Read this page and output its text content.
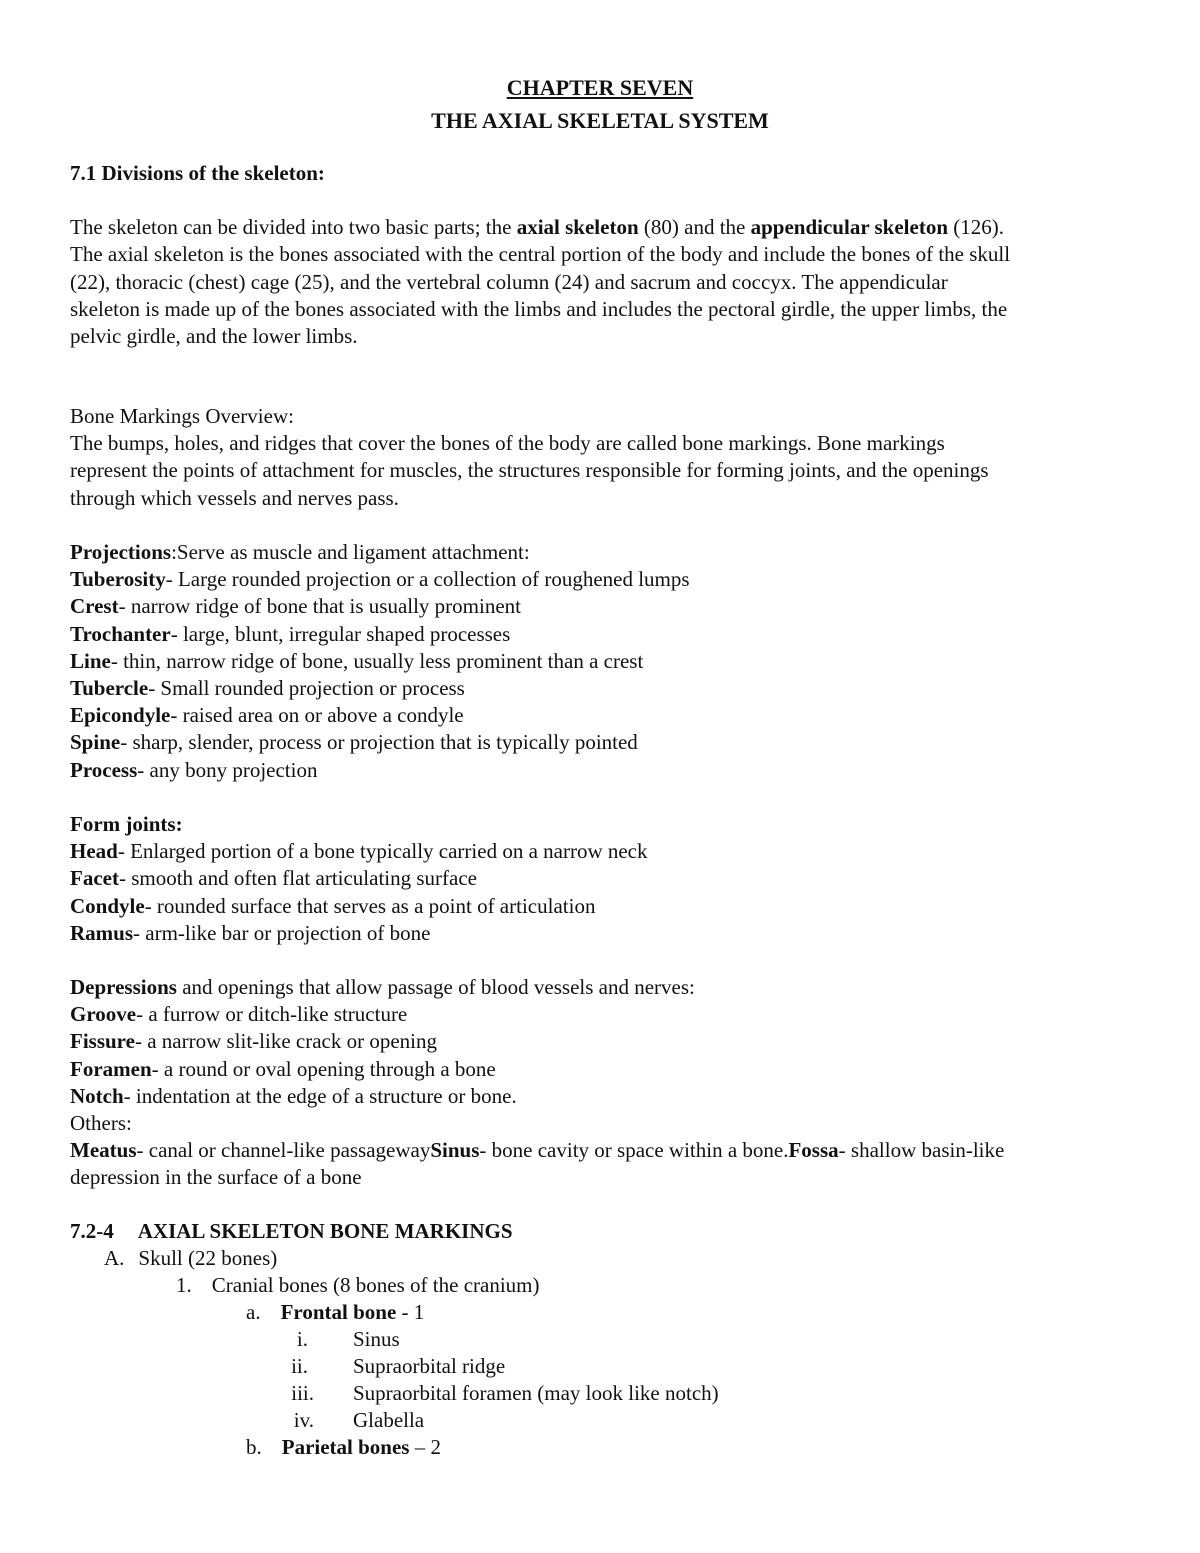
CHAPTER SEVEN
THE AXIAL SKELETAL SYSTEM
7.1 Divisions of the skeleton:
The skeleton can be divided into two basic parts; the axial skeleton (80) and the appendicular skeleton (126).
The axial skeleton is the bones associated with the central portion of the body and include the bones of the skull
(22), thoracic (chest) cage (25), and the vertebral column (24) and sacrum and coccyx. The appendicular
skeleton is made up of the bones associated with the limbs and includes the pectoral girdle, the upper limbs, the
pelvic girdle, and the lower limbs.
Bone Markings Overview:
The bumps, holes, and ridges that cover the bones of the body are called bone markings. Bone markings
represent the points of attachment for muscles, the structures responsible for forming joints, and the openings
through which vessels and nerves pass.
Projections:Serve as muscle and ligament attachment:
Tuberosity- Large rounded projection or a collection of roughened lumps
Crest- narrow ridge of bone that is usually prominent
Trochanter- large, blunt, irregular shaped processes
Line- thin, narrow ridge of bone, usually less prominent than a crest
Tubercle- Small rounded projection or process
Epicondyle- raised area on or above a condyle
Spine- sharp, slender, process or projection that is typically pointed
Process- any bony projection
Form joints:
Head- Enlarged portion of a bone typically carried on a narrow neck
Facet- smooth and often flat articulating surface
Condyle- rounded surface that serves as a point of articulation
Ramus- arm-like bar or projection of bone
Depressions and openings that allow passage of blood vessels and nerves:
Groove- a furrow or ditch-like structure
Fissure- a narrow slit-like crack or opening
Foramen- a round or oval opening through a bone
Notch- indentation at the edge of a structure or bone.
Others:
Meatus- canal or channel-like passagewaySinus- bone cavity or space within a bone.Fossa- shallow basin-like
depression in the surface of a bone
7.2-4 AXIAL SKELETON BONE MARKINGS
A. Skull (22 bones)
1. Cranial bones (8 bones of the cranium)
a. Frontal bone - 1
i. Sinus
ii. Supraorbital ridge
iii. Supraorbital foramen (may look like notch)
iv. Glabella
b. Parietal bones – 2
